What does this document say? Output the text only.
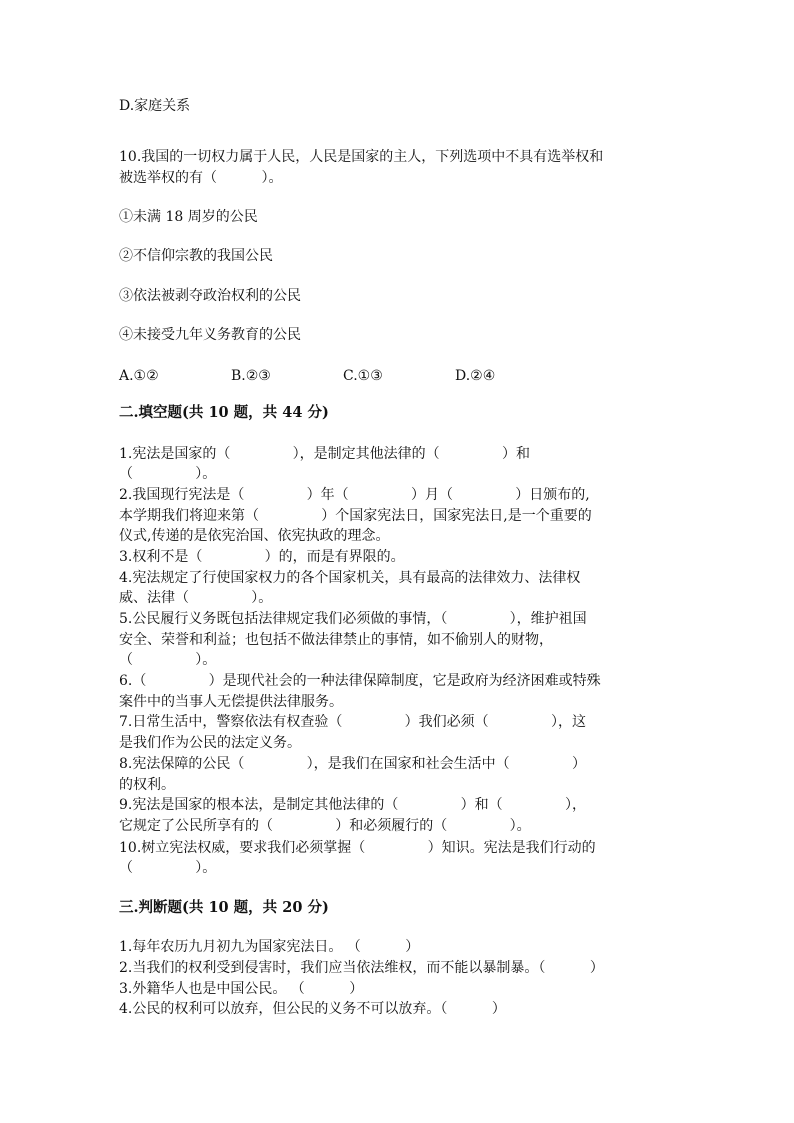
D.家庭关系

10.我国的一切权力属于人民，人民是国家的主人，下列选项中不具有选举权和

被选举权的有（          ）。

①未满 18 周岁的公民

②不信仰宗教的我国公民

③依法被剥夺政治权利的公民

④未接受九年义务教育的公民

A.①②	B.②③	C.①③	D.②④

二.填空题(共 10 题，共 44 分)

1.宪法是国家的（              ），是制定其他法律的（              ）和

（              ）。

2.我国现行宪法是（              ）年（              ）月（              ）日颁布的,

本学期我们将迎来第（              ）个国家宪法日，国家宪法日,是一个重要的

仪式,传递的是依宪治国、依宪执政的理念。

3.权利不是（              ）的，而是有界限的。

4.宪法规定了行使国家权力的各个国家机关，具有最高的法律效力、法律权

威、法律（              ）。

5.公民履行义务既包括法律规定我们必须做的事情，（              ），维护祖国

安全、荣誉和利益；也包括不做法律禁止的事情，如不偷别人的财物，

（              ）。

6.（              ）是现代社会的一种法律保障制度，它是政府为经济困难或特殊

案件中的当事人无偿提供法律服务。

7.日常生活中，警察依法有权查验（              ）我们必须（              ），这

是我们作为公民的法定义务。

8.宪法保障的公民（              ），是我们在国家和社会生活中（              ）

的权利。

9.宪法是国家的根本法，是制定其他法律的（              ）和（              ），

它规定了公民所享有的（              ）和必须履行的（              ）。

10.树立宪法权威，要求我们必须掌握（              ）知识。宪法是我们行动的

（              ）。

三.判断题(共 10 题，共 20 分)

1.每年农历九月初九为国家宪法日。 （          ）

2.当我们的权利受到侵害时，我们应当依法维权，而不能以暴制暴。（          ）

3.外籍华人也是中国公民。 （          ）

4.公民的权利可以放弃，但公民的义务不可以放弃。（          ）
